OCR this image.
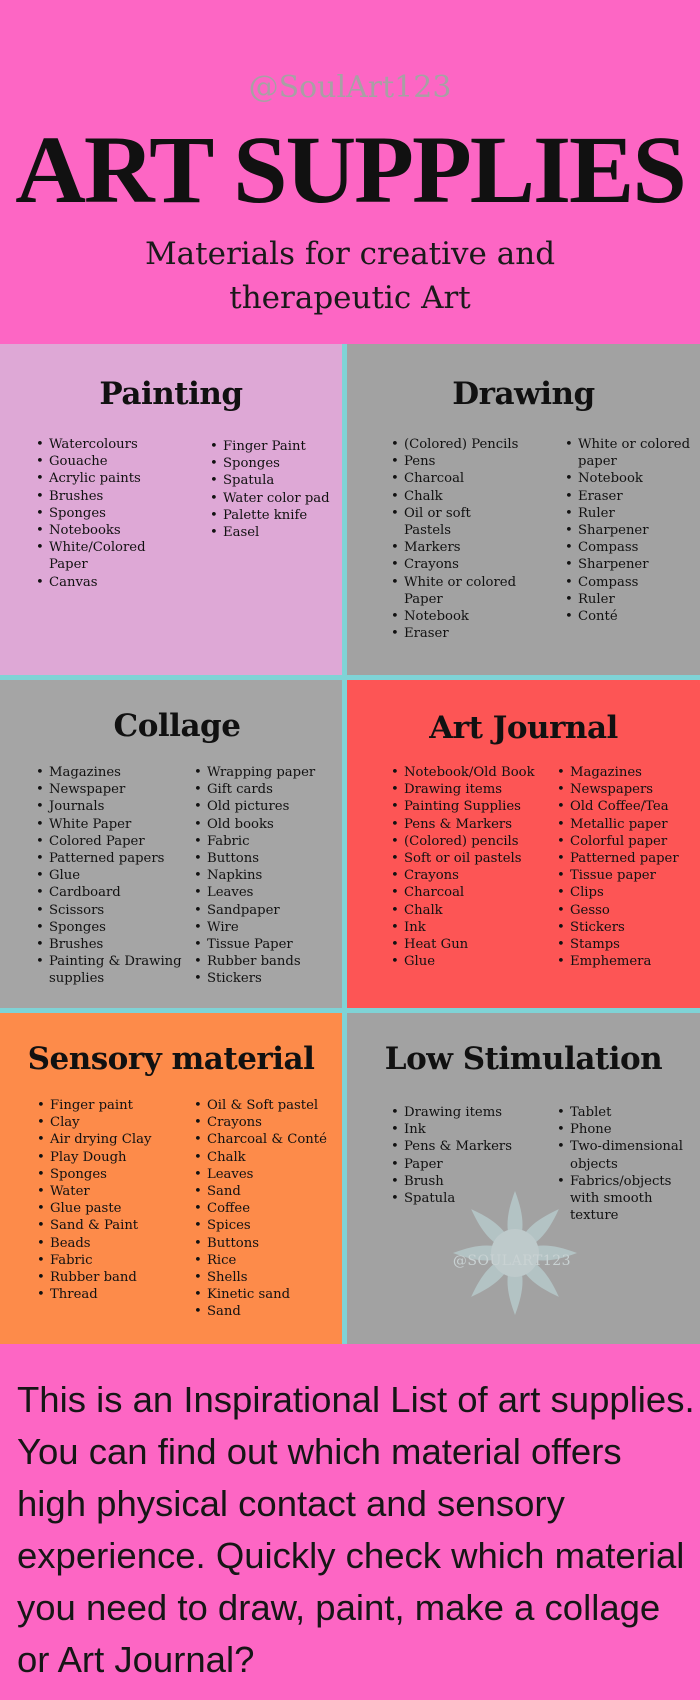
@SoulArt123
ART SUPPLIES
Materials for creative and
therapeutic Art
Painting
• Watercolours
• Gouache
• Acrylic paints
• Brushes
• Sponges
• Notebooks
• White/Colored Paper
• Canvas
• Finger Paint
• Sponges
• Spatula
• Water color pad
• Palette knife
• Easel
Drawing
• (Colored) Pencils
• Pens
• Charcoal
• Chalk
• Oil or soft Pastels
• Markers
• Crayons
• White or colored Paper
• Notebook
• Eraser
• White or colored paper
• Notebook
• Eraser
• Ruler
• Sharpener
• Compass
• Sharpener
• Compass
• Ruler
• Conté
Collage
• Magazines
• Newspaper
• Journals
• White Paper
• Colored Paper
• Patterned papers
• Glue
• Cardboard
• Scissors
• Sponges
• Brushes
• Painting & Drawing supplies
• Wrapping paper
• Gift cards
• Old pictures
• Old books
• Fabric
• Buttons
• Napkins
• Leaves
• Sandpaper
• Wire
• Tissue Paper
• Rubber bands
• Stickers
Art Journal
• Notebook/Old Book
• Drawing items
• Painting Supplies
• Pens & Markers
• (Colored) pencils
• Soft or oil pastels
• Crayons
• Charcoal
• Chalk
• Ink
• Heat Gun
• Glue
• Magazines
• Newspapers
• Old Coffee/Tea
• Metallic paper
• Colorful paper
• Patterned paper
• Tissue paper
• Clips
• Gesso
• Stickers
• Stamps
• Emphemera
Sensory material
• Finger paint
• Clay
• Air drying Clay
• Play Dough
• Sponges
• Water
• Glue paste
• Sand & Paint
• Beads
• Fabric
• Rubber band
• Thread
• Oil & Soft pastel
• Crayons
• Charcoal & Conté
• Chalk
• Leaves
• Sand
• Coffee
• Spices
• Buttons
• Rice
• Shells
• Kinetic sand
• Sand
@SOULART123
Low Stimulation
• Drawing items
• Ink
• Pens & Markers
• Paper
• Brush
• Spatula
• Tablet
• Phone
• Two-dimensional objects
• Fabrics/objects with smooth texture
This is an Inspirational List of art supplies. You can find out which material offers high physical contact and sensory experience. Quickly check which material you need to draw, paint, make a collage or Art Journal?
